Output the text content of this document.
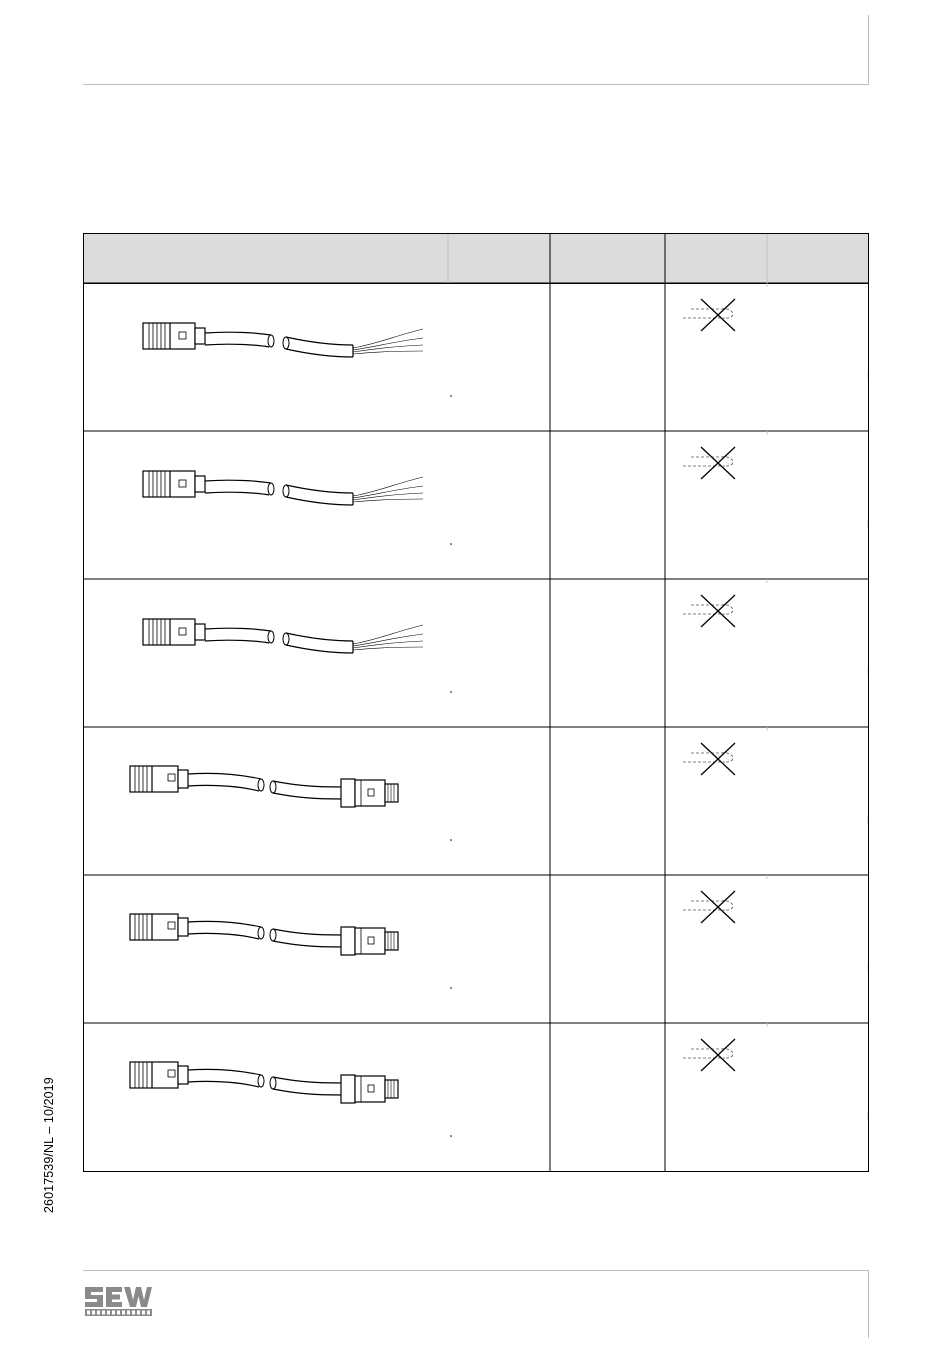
26017539/NL – 10/2019
